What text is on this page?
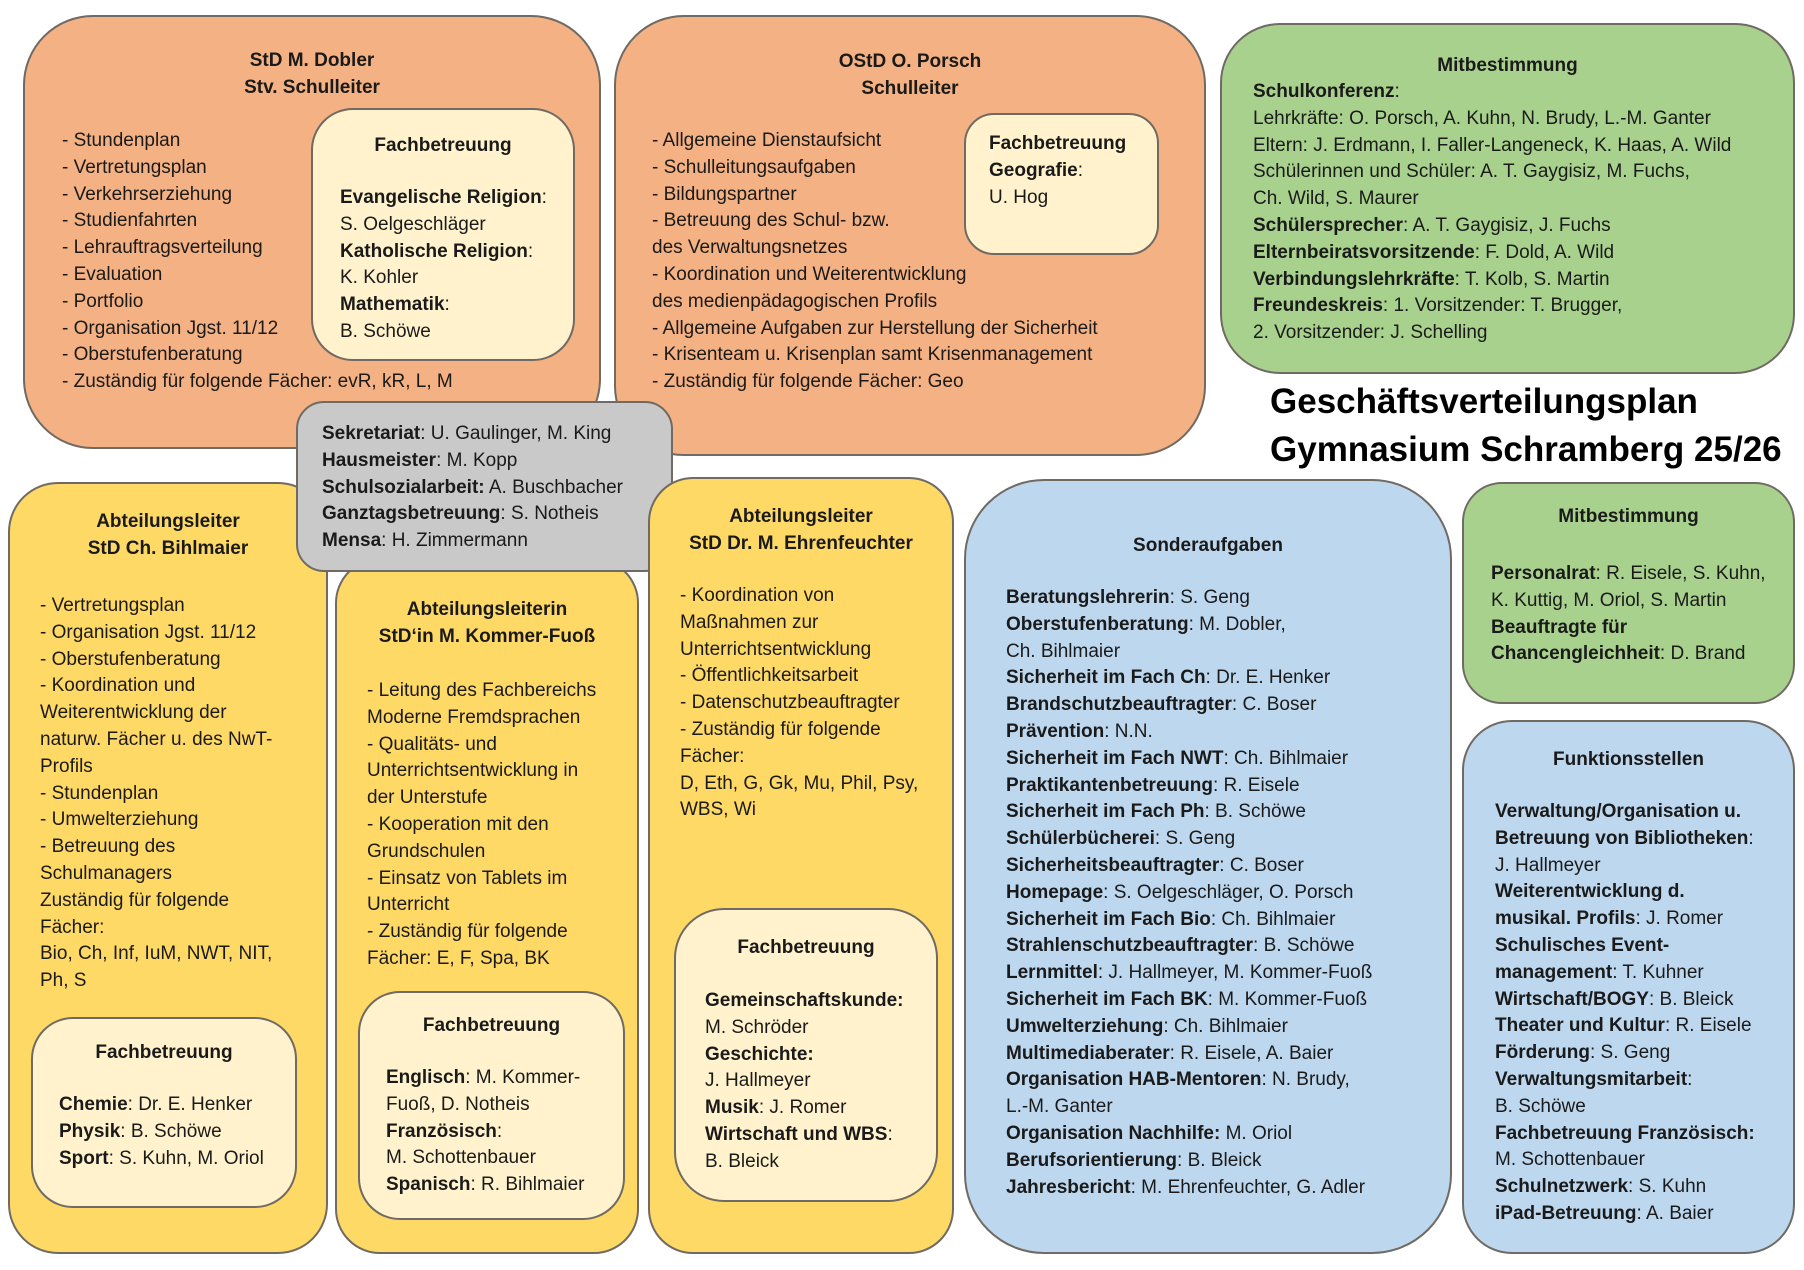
StD M. Dobler
Stv. Schulleiter
- Stundenplan
- Vertretungsplan
- Verkehrserziehung
- Studienfahrten
- Lehrauftragsverteilung
- Evaluation
- Portfolio
- Organisation Jgst. 11/12
- Oberstufenberatung
- Zuständig für folgende Fächer: evR, kR, L, M
Fachbetreuung
Evangelische Religion:
S. Oelgeschläger
Katholische Religion:
K. Kohler
Mathematik:
B. Schöwe
OStD O. Porsch
Schulleiter
- Allgemeine Dienstaufsicht
- Schulleitungsaufgaben
- Bildungspartner
- Betreuung des Schul- bzw.
des Verwaltungsnetzes
- Koordination und Weiterentwicklung
des medienpädagogischen Profils
- Allgemeine Aufgaben zur Herstellung der Sicherheit
- Krisenteam u. Krisenplan samt Krisenmanagement
- Zuständig für folgende Fächer: Geo
Fachbetreuung
Geografie:
U. Hog
Mitbestimmung
Schulkonferenz:
Lehrkräfte: O. Porsch, A. Kuhn, N. Brudy, L.-M. Ganter
Eltern: J. Erdmann, I. Faller-Langeneck, K. Haas, A. Wild
Schülerinnen und Schüler: A. T. Gaygisiz, M. Fuchs,
Ch. Wild, S. Maurer
Schülersprecher: A. T. Gaygisiz, J. Fuchs
Elternbeiratsvorsitzende: F. Dold, A. Wild
Verbindungslehrkräfte: T. Kolb, S. Martin
Freundeskreis: 1. Vorsitzender: T. Brugger,
2. Vorsitzender: J. Schelling
Geschäftsverteilungsplan
Gymnasium Schramberg 25/26
Abteilungsleiter
StD Ch. Bihlmaier
- Vertretungsplan
- Organisation Jgst. 11/12
- Oberstufenberatung
- Koordination und
Weiterentwicklung der
naturw. Fächer u. des NwT-
Profils
- Stundenplan
- Umwelterziehung
- Betreuung des
Schulmanagers
Zuständig für folgende
Fächer:
Bio, Ch, Inf, IuM, NWT, NIT,
Ph, S
Fachbetreuung
Chemie: Dr. E. Henker
Physik: B. Schöwe
Sport: S. Kuhn, M. Oriol
Abteilungsleiterin
StD‘in M. Kommer-Fuoß
- Leitung des Fachbereichs
Moderne Fremdsprachen
- Qualitäts- und
Unterrichtsentwicklung in
der Unterstufe
- Kooperation mit den
Grundschulen
- Einsatz von Tablets im
Unterricht
- Zuständig für folgende
Fächer: E, F, Spa, BK
Fachbetreuung
Englisch: M. Kommer-
Fuoß, D. Notheis
Französisch:
M. Schottenbauer
Spanisch: R. Bihlmaier
Sekretariat: U. Gaulinger, M. King
Hausmeister: M. Kopp
Schulsozialarbeit: A. Buschbacher
Ganztagsbetreuung: S. Notheis
Mensa: H. Zimmermann
Abteilungsleiter
StD Dr. M. Ehrenfeuchter
- Koordination von
Maßnahmen zur
Unterrichtsentwicklung
- Öffentlichkeitsarbeit
- Datenschutzbeauftragter
- Zuständig für folgende
Fächer:
D, Eth, G, Gk, Mu, Phil, Psy,
WBS, Wi
Fachbetreuung
Gemeinschaftskunde:
M. Schröder
Geschichte:
J. Hallmeyer
Musik: J. Romer
Wirtschaft und WBS:
B. Bleick
Sonderaufgaben
Beratungslehrerin: S. Geng
Oberstufenberatung: M. Dobler,
Ch. Bihlmaier
Sicherheit im Fach Ch: Dr. E. Henker
Brandschutzbeauftragter: C. Boser
Prävention: N.N.
Sicherheit im Fach NWT: Ch. Bihlmaier
Praktikantenbetreuung: R. Eisele
Sicherheit im Fach Ph: B. Schöwe
Schülerbücherei: S. Geng
Sicherheitsbeauftragter: C. Boser
Homepage: S. Oelgeschläger, O. Porsch
Sicherheit im Fach Bio: Ch. Bihlmaier
Strahlenschutzbeauftragter: B. Schöwe
Lernmittel: J. Hallmeyer, M. Kommer-Fuoß
Sicherheit im Fach BK: M. Kommer-Fuoß
Umwelterziehung: Ch. Bihlmaier
Multimediaberater: R. Eisele, A. Baier
Organisation HAB-Mentoren: N. Brudy,
L.-M. Ganter
Organisation Nachhilfe: M. Oriol
Berufsorientierung: B. Bleick
Jahresbericht: M. Ehrenfeuchter, G. Adler
Mitbestimmung
Personalrat: R. Eisele, S. Kuhn,
K. Kuttig, M. Oriol, S. Martin
Beauftragte für
Chancengleichheit: D. Brand
Funktionsstellen
Verwaltung/Organisation u.
Betreuung von Bibliotheken:
J. Hallmeyer
Weiterentwicklung d.
musikal. Profils: J. Romer
Schulisches Event-
management: T. Kuhner
Wirtschaft/BOGY: B. Bleick
Theater und Kultur: R. Eisele
Förderung: S. Geng
Verwaltungsmitarbeit:
B. Schöwe
Fachbetreuung Französisch:
M. Schottenbauer
Schulnetzwerk: S. Kuhn
iPad-Betreuung: A. Baier
